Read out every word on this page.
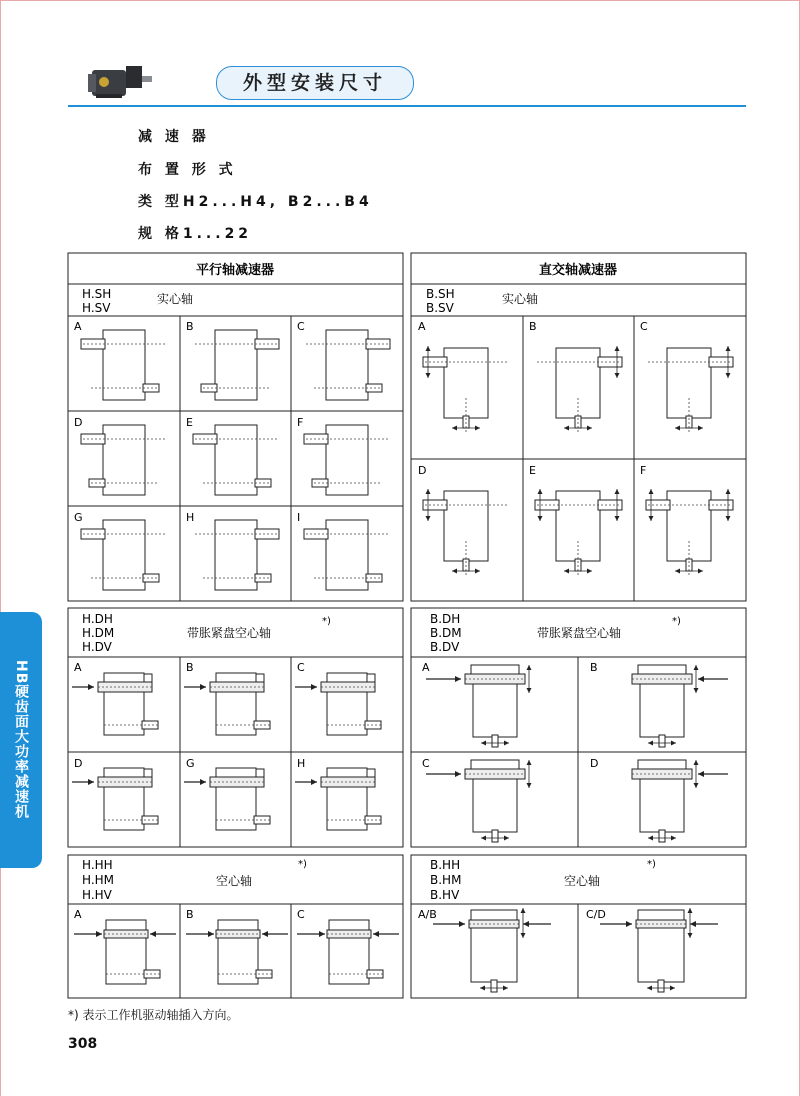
外型安装尺寸
减 速 器
布 置 形 式
类 型H2...H4, B2...B4
规 格1...22
平行轴减速器	直交轴减速器
H.SH
H.SV
实心轴	B.SH
B.SV
实心轴
H.DH
H.DM
H.DV
带胀紧盘空心轴
*)	B.DH
B.DM
B.DV
带胀紧盘空心轴
*)
H.HH
H.HM
H.HV
空心轴
*)	B.HH
B.HM
B.HV
空心轴
*)
A	B	C
D	E	F
G	H	I
A	B	C
D	E	F
A	B	C
D	G	H
A	B
C	D
A	B	C	A/B	C/D
HB硬齿面大功率减速机
*) 表示工作机驱动轴插入方向。
308
